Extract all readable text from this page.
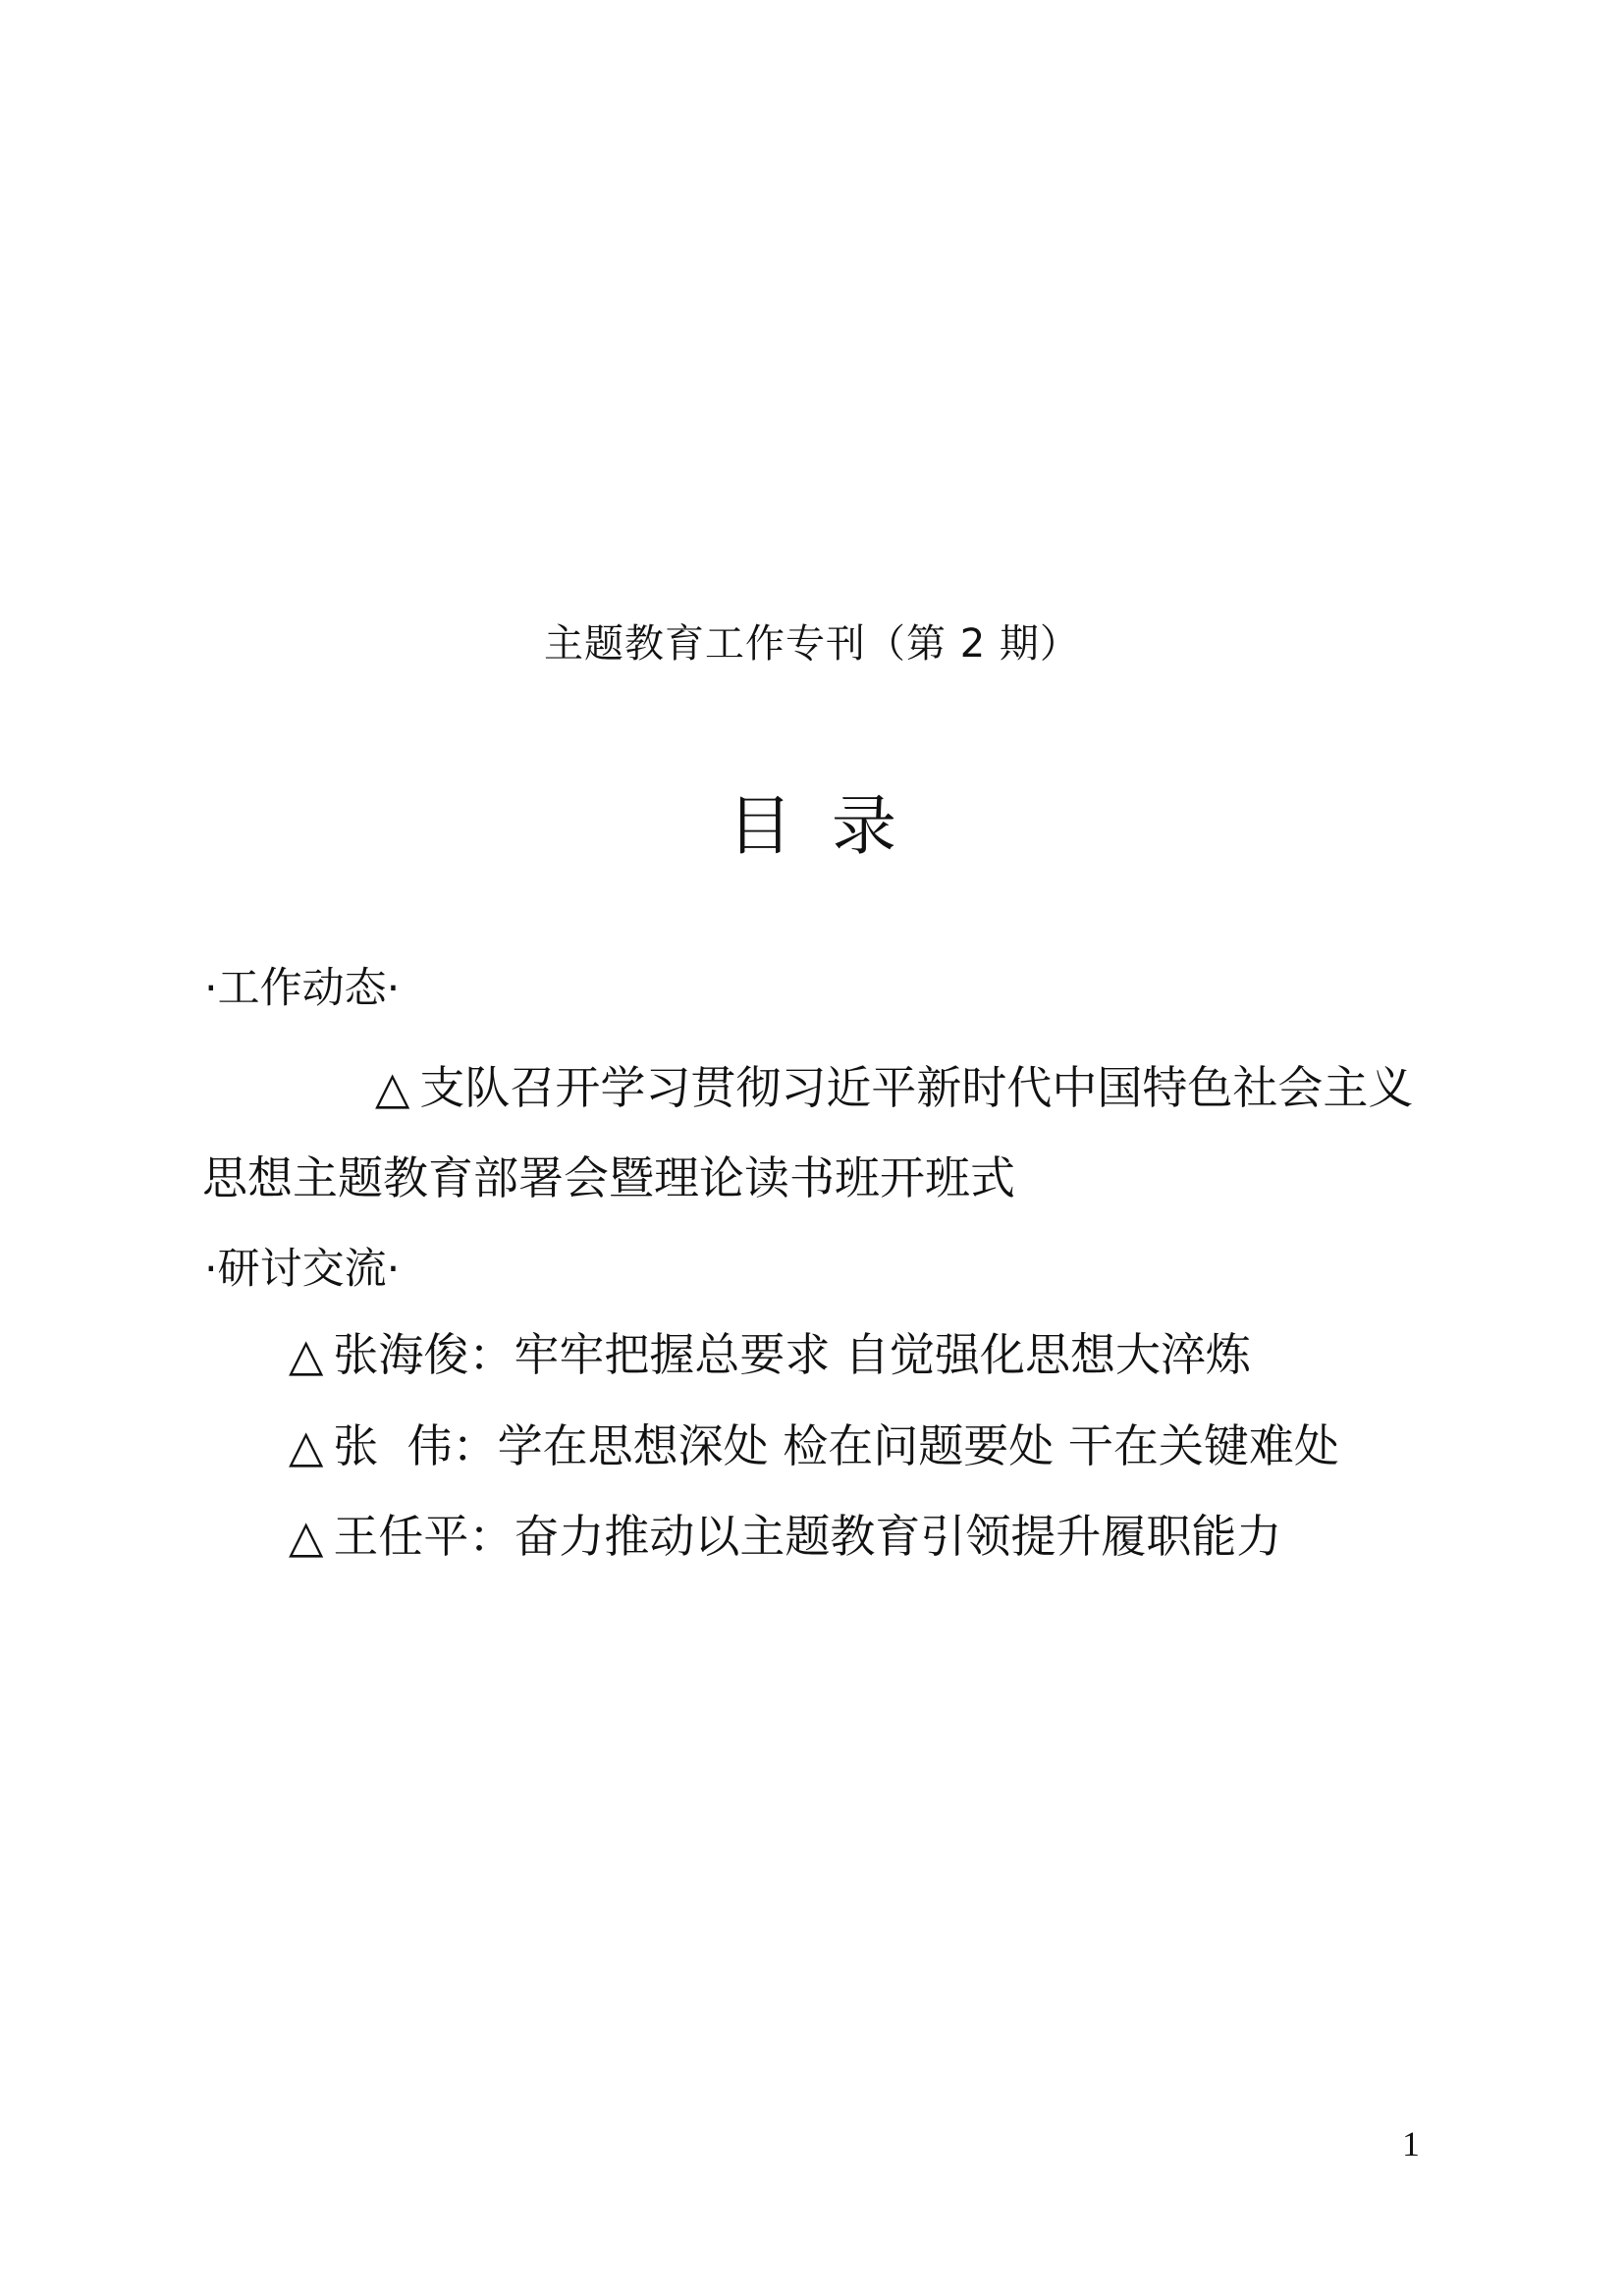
主题教育工作专刊（第 2 期）
目录
·工作动态·
△ 支队召开学习贯彻习近平新时代中国特色社会主义思想主题教育部署会暨理论读书班开班式
·研讨交流·
△ 张海俊：牢牢把握总要求 自觉强化思想大淬炼
△ 张  伟：学在思想深处 检在问题要处 干在关键难处
△ 王任平：奋力推动以主题教育引领提升履职能力
1
